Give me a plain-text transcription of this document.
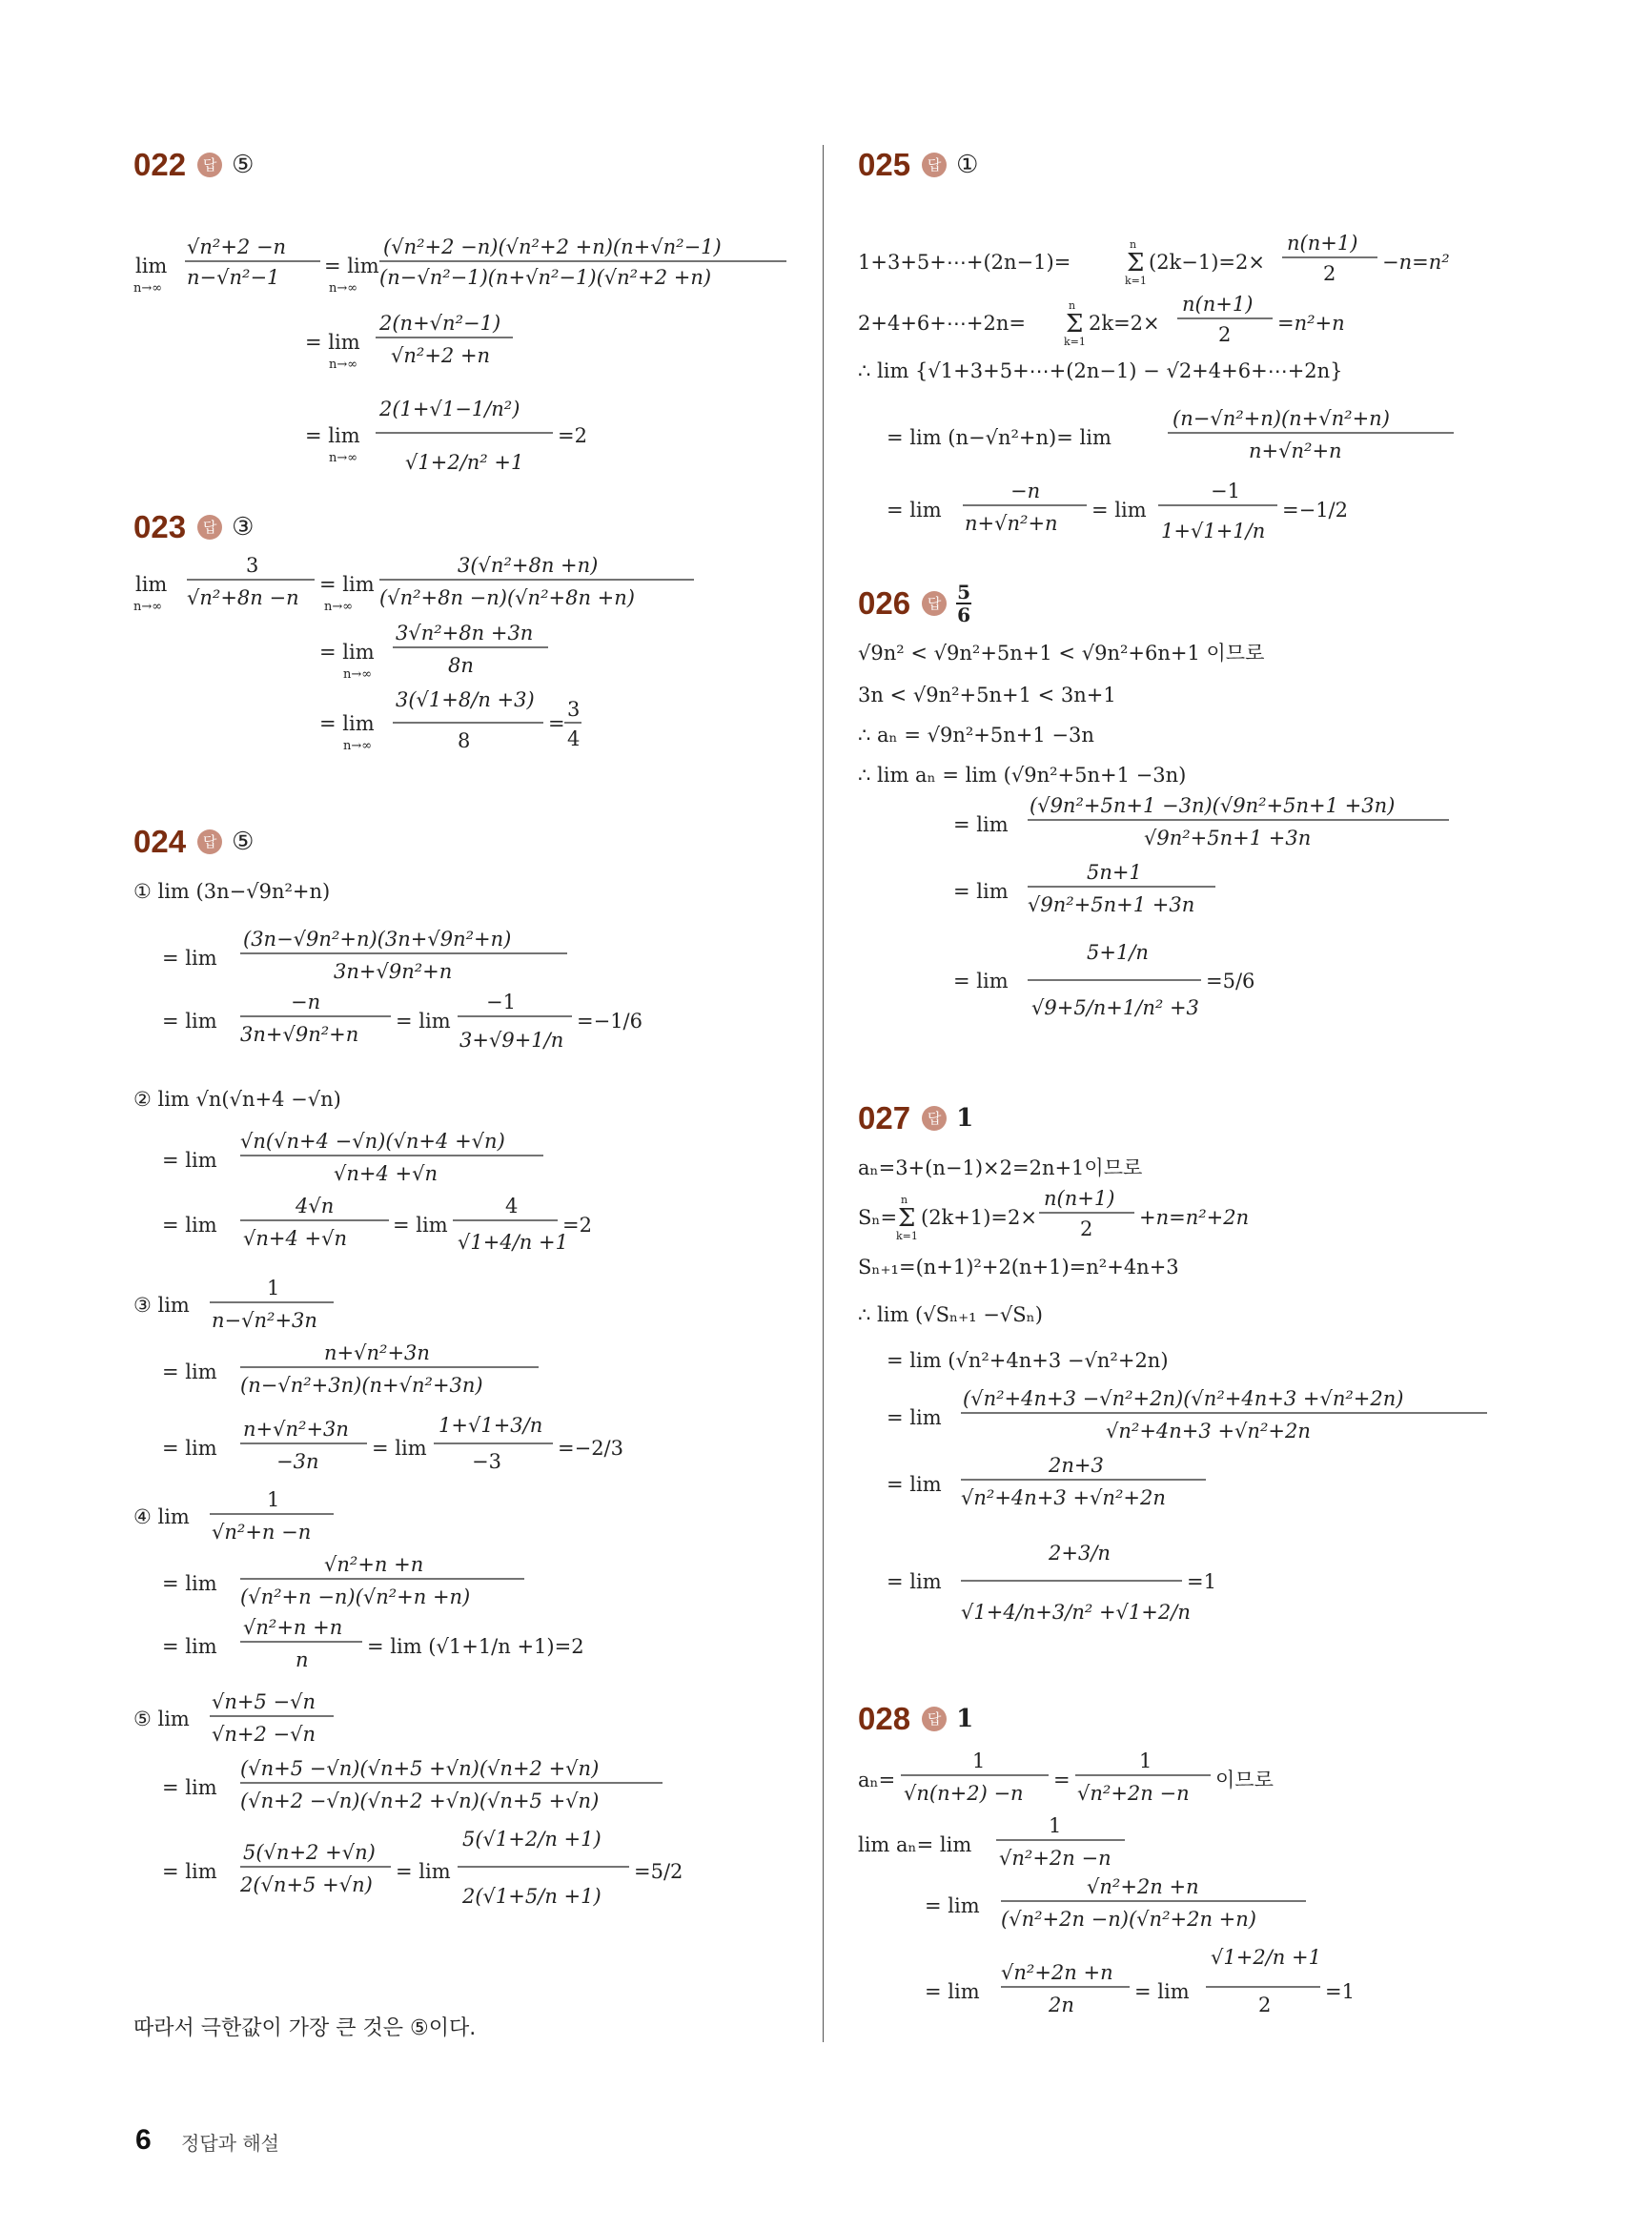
022	답 ⑤
lim
n→∞
√n²+2 −n
n−√n²−1 = lim
n→∞
(√n²+2 −n)(√n²+2 +n)(n+√n²−1)
(n−√n²−1)(n+√n²−1)(√n²+2 +n)
= lim
n→∞
2(n+√n²−1)
√n²+2 +n
= lim
n→∞
2(1+√1−1/n²)
√1+2/n² +1
=2
023	답 ③
lim
n→∞
3
√n²+8n −n
= lim
n→∞
3(√n²+8n +n)
(√n²+8n −n)(√n²+8n +n)
= lim
n→∞
3√n²+8n +3n
8n
= lim
n→∞
3(√1+8/n +3)
8
=
3
4
024	답 ⑤
① lim (3n−√9n²+n)
= lim
(3n−√9n²+n)(3n+√9n²+n)
3n+√9n²+n
= lim
−n
3n+√9n²+n
= lim
−1
3+√9+1/n
=−1/6
② lim √n(√n+4 −√n)
= lim
√n(√n+4 −√n)(√n+4 +√n)
√n+4 +√n
= lim
4√n
√n+4 +√n
= lim
4
√1+4/n +1
=2
③ lim
1
n−√n²+3n
= lim
n+√n²+3n
(n−√n²+3n)(n+√n²+3n)
= lim
n+√n²+3n
−3n
= lim
1+√1+3/n
−3
=−2/3
④ lim
1
√n²+n −n
= lim
√n²+n +n
(√n²+n −n)(√n²+n +n)
= lim
√n²+n +n
n
= lim (√1+1/n +1)=2
⑤ lim
√n+5 −√n
√n+2 −√n
= lim
(√n+5 −√n)(√n+5 +√n)(√n+2 +√n)
(√n+2 −√n)(√n+2 +√n)(√n+5 +√n)
= lim
5(√n+2 +√n)
2(√n+5 +√n)
= lim
5(√1+2/n +1)
2(√1+5/n +1)
=5/2
따라서 극한값이 가장 큰 것은 ⑤이다.
025	답 ①
1+3+5+⋯+(2n−1)= Σ
n
k=1
(2k−1)=2×
n(n+1)
2 −n=n²
2+4+6+⋯+2n= Σ
n
k=1
2k=2×
n(n+1)
2 =n²+n
∴ lim {√1+3+5+⋯+(2n−1) − √2+4+6+⋯+2n}
= lim (n−√n²+n)= lim
(n−√n²+n)(n+√n²+n)
n+√n²+n
= lim
−n
n+√n²+n
= lim
−1
1+√1+1/n
=−1/2
026	답 $\frac{5}{6}$
√9n² < √9n²+5n+1 < √9n²+6n+1 이므로
3n < √9n²+5n+1 < 3n+1
∴ aₙ = √9n²+5n+1 −3n
∴ lim aₙ = lim (√9n²+5n+1 −3n)
= lim
(√9n²+5n+1 −3n)(√9n²+5n+1 +3n)
√9n²+5n+1 +3n
= lim
5n+1
√9n²+5n+1 +3n
= lim
5+1/n
√9+5/n+1/n² +3
=5/6
027	답 1
aₙ=3+(n−1)×2=2n+1이므로
Sₙ= Σ
n
k=1
(2k+1)=2×
n(n+1)
2 +n=n²+2n
Sₙ₊₁=(n+1)²+2(n+1)=n²+4n+3
∴ lim (√Sₙ₊₁ −√Sₙ)
= lim (√n²+4n+3 −√n²+2n)
= lim
(√n²+4n+3 −√n²+2n)(√n²+4n+3 +√n²+2n)
√n²+4n+3 +√n²+2n
= lim
2n+3
√n²+4n+3 +√n²+2n
= lim
2+3/n
√1+4/n+3/n² +√1+2/n
=1
028	답 1
aₙ=
1
√n(n+2) −n
=
1
√n²+2n −n
이므로
lim aₙ= lim
1
√n²+2n −n
= lim
√n²+2n +n
(√n²+2n −n)(√n²+2n +n)
= lim
√n²+2n +n
2n
= lim
√1+2/n +1
2
=1
6 정답과 해설
